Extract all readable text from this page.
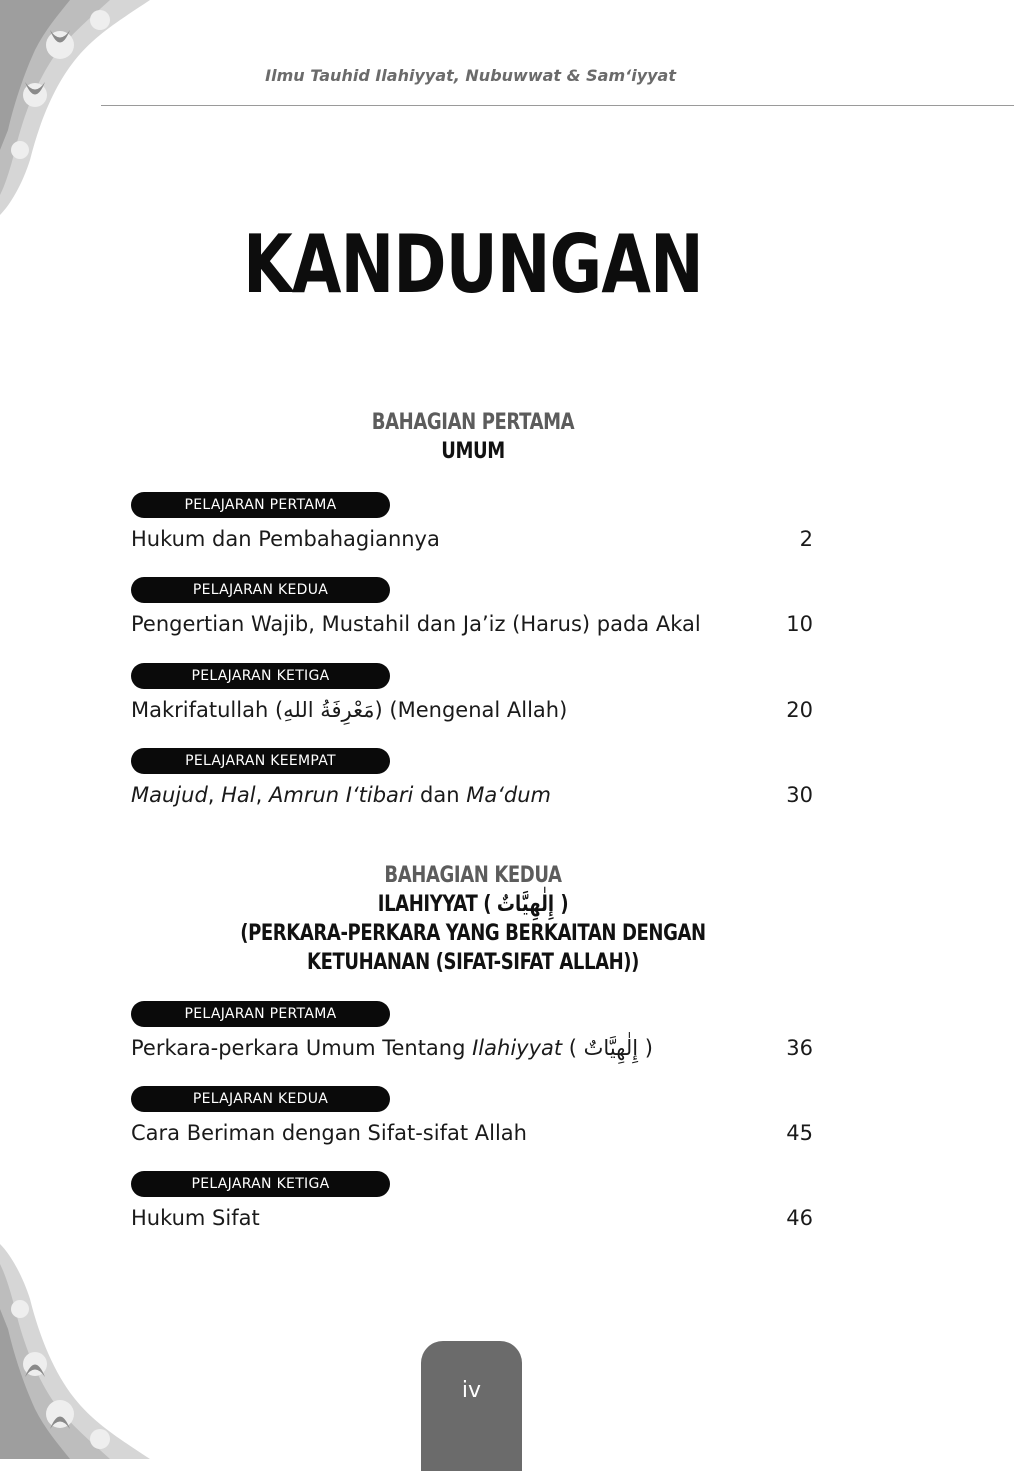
Ilmu Tauhid Ilahiyyat, Nubuwwat & Sam‘iyyat
KANDUNGAN
BAHAGIAN PERTAMA
UMUM
PELAJARAN PERTAMA
Hukum dan Pembahagiannya	2
PELAJARAN KEDUA
Pengertian Wajib, Mustahil dan Ja’iz (Harus) pada Akal	10
PELAJARAN KETIGA
Makrifatullah (مَعْرِفَةُ اللهِ) (Mengenal Allah)	20
PELAJARAN KEEMPAT
Maujud, Hal, Amrun I‘tibari dan Ma‘dum	30
BAHAGIAN KEDUA
ILAHIYYAT ( إِلٰهِيَّاتٌ )
(PERKARA-PERKARA YANG BERKAITAN DENGAN
KETUHANAN (SIFAT-SIFAT ALLAH))
PELAJARAN PERTAMA
Perkara-perkara Umum Tentang Ilahiyyat ( إِلٰهِيَّاتٌ )	36
PELAJARAN KEDUA
Cara Beriman dengan Sifat-sifat Allah	45
PELAJARAN KETIGA
Hukum Sifat	46
iv
